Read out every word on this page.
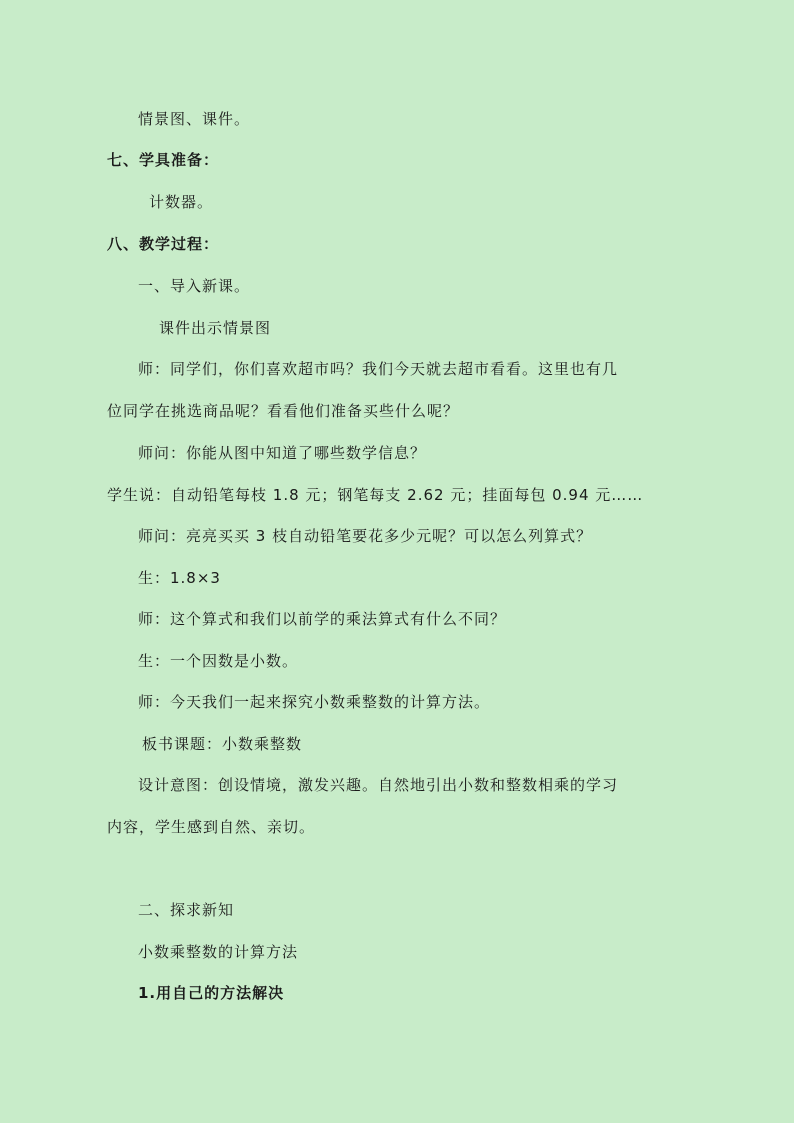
情景图、课件。
七、学具准备：
计数器。
八、教学过程：
一、导入新课。
课件出示情景图
师：同学们，你们喜欢超市吗？我们今天就去超市看看。这里也有几
位同学在挑选商品呢？看看他们准备买些什么呢？
师问：你能从图中知道了哪些数学信息？
学生说：自动铅笔每枝 1.8 元；钢笔每支 2.62 元；挂面每包 0.94 元……
师问：亮亮买买 3 枝自动铅笔要花多少元呢？可以怎么列算式？
生：1.8×3
师：这个算式和我们以前学的乘法算式有什么不同？
生：一个因数是小数。
师：今天我们一起来探究小数乘整数的计算方法。
板书课题：小数乘整数
设计意图：创设情境，激发兴趣。自然地引出小数和整数相乘的学习
内容，学生感到自然、亲切。
二、探求新知
小数乘整数的计算方法
1.用自己的方法解决
